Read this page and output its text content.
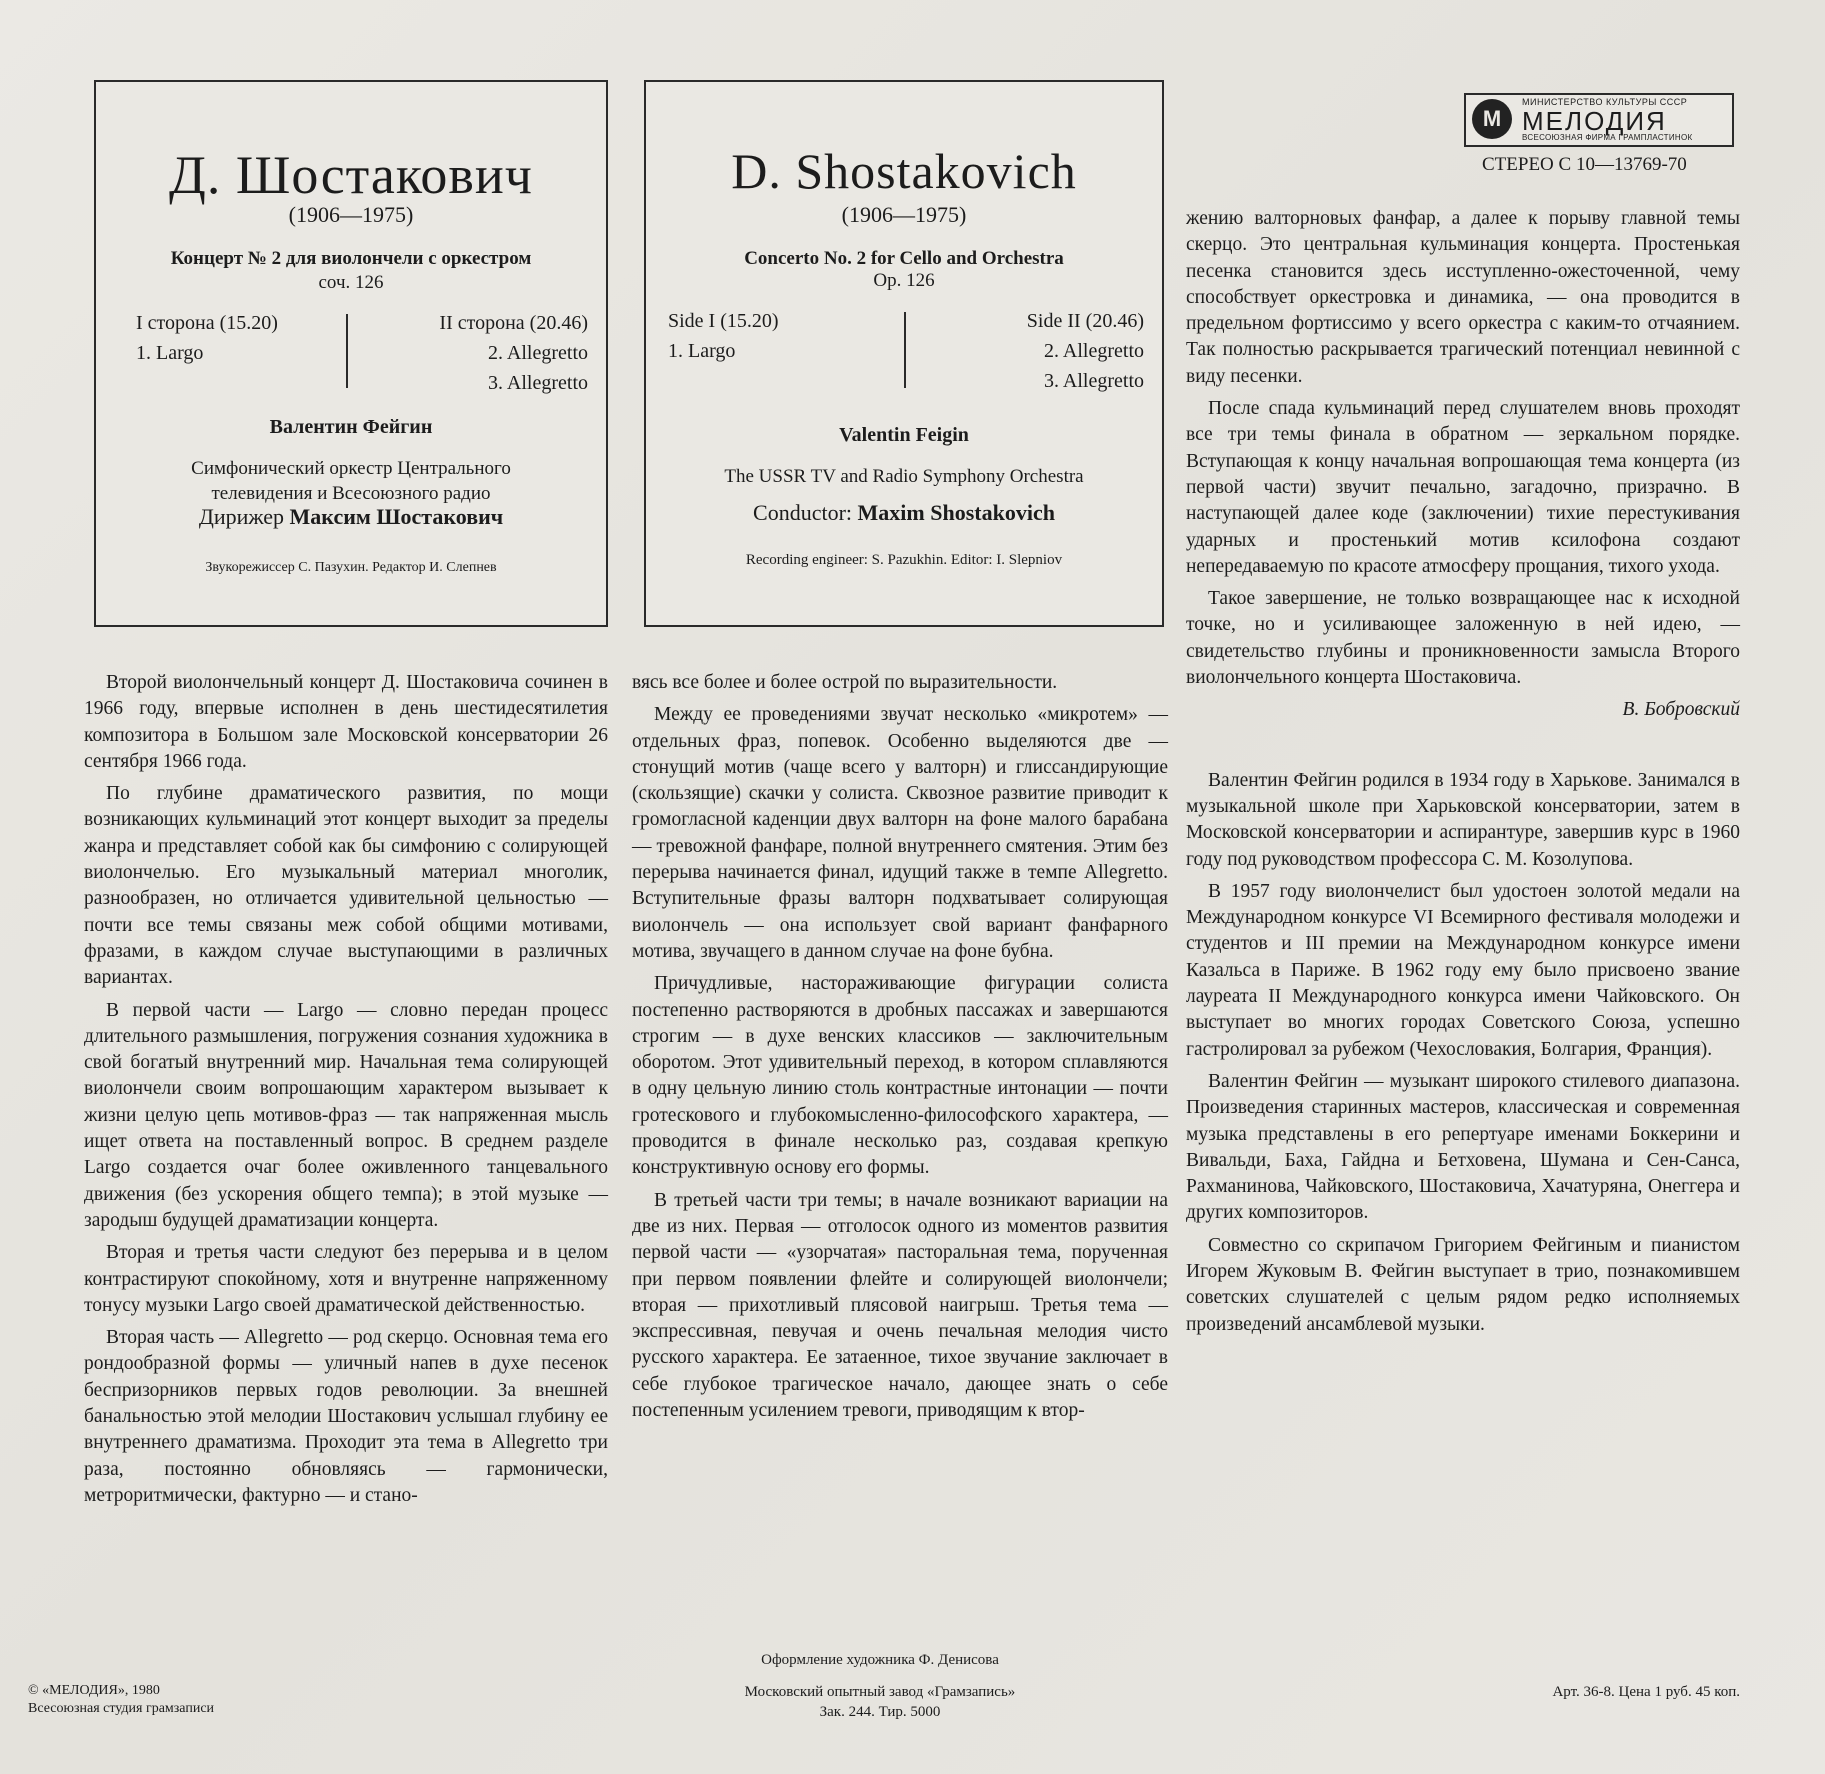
Д. Шостакович
(1906—1975)
Концерт № 2 для виолончели с оркестром
соч. 126
I сторона (15.20)
1. Largo
II сторона (20.46)
2. Allegretto
3. Allegretto
Валентин Фейгин
Симфонический оркестр Центрального
телевидения и Всесоюзного радио
Дирижер Максим Шостакович
Звукорежиссер С. Пазухин. Редактор И. Слепнев
D. Shostakovich
(1906—1975)
Concerto No. 2 for Cello and Orchestra
Op. 126
Side I (15.20)
1. Largo
Side II (20.46)
2. Allegretto
3. Allegretto
Valentin Feigin
The USSR TV and Radio Symphony Orchestra
Conductor: Maxim Shostakovich
Recording engineer: S. Pazukhin. Editor: I. Slepniov
М
МИНИСТЕРСТВО КУЛЬТУРЫ СССР
МЕЛОДИЯ
ВСЕСОЮЗНАЯ ФИРМА ГРАМПЛАСТИНОК
СТЕРЕО С 10—13769-70

Второй виолончельный концерт Д. Шостаковича сочинен в 1966 году, впервые исполнен в день шестидесятилетия композитора в Большом зале Московской консерватории 26 сентября 1966 года.

По глубине драматического развития, по мощи возникающих кульминаций этот концерт выходит за пределы жанра и представляет собой как бы симфонию с солирующей виолончелью. Его музыкальный материал многолик, разнообразен, но отличается удивительной цельностью — почти все темы связаны меж собой общими мотивами, фразами, в каждом случае выступающими в различных вариантах.

В первой части — Largo — словно передан процесс длительного размышления, погружения сознания художника в свой богатый внутренний мир. Начальная тема солирующей виолончели своим вопрошающим характером вызывает к жизни целую цепь мотивов-фраз — так напряженная мысль ищет ответа на поставленный вопрос. В среднем разделе Largo создается очаг более оживленного танцевального движения (без ускорения общего темпа); в этой музыке — зародыш будущей драматизации концерта.

Вторая и третья части следуют без перерыва и в целом контрастируют спокойному, хотя и внутренне напряженному тонусу музыки Largo своей драматической действенностью.

Вторая часть — Allegretto — род скерцо. Основная тема его рондообразной формы — уличный напев в духе песенок беспризорников первых годов революции. За внешней банальностью этой мелодии Шостакович услышал глубину ее внутреннего драматизма. Проходит эта тема в Allegretto три раза, постоянно обновляясь — гармонически, метроритмически, фактурно — и стано-

вясь все более и более острой по выразительности.

Между ее проведениями звучат несколько «микротем» — отдельных фраз, попевок. Особенно выделяются две — стонущий мотив (чаще всего у валторн) и глиссандирующие (скользящие) скачки у солиста. Сквозное развитие приводит к громогласной каденции двух валторн на фоне малого барабана — тревожной фанфаре, полной внутреннего смятения. Этим без перерыва начинается финал, идущий также в темпе Allegretto. Вступительные фразы валторн подхватывает солирующая виолончель — она использует свой вариант фанфарного мотива, звучащего в данном случае на фоне бубна.

Причудливые, настораживающие фигурации солиста постепенно растворяются в дробных пассажах и завершаются строгим — в духе венских классиков — заключительным оборотом. Этот удивительный переход, в котором сплавляются в одну цельную линию столь контрастные интонации — почти гротескового и глубокомысленно-философского характера, — проводится в финале несколько раз, создавая крепкую конструктивную основу его формы.

В третьей части три темы; в начале возникают вариации на две из них. Первая — отголосок одного из моментов развития первой части — «узорчатая» пасторальная тема, порученная при первом появлении флейте и солирующей виолончели; вторая — прихотливый плясовой наигрыш. Третья тема — экспрессивная, певучая и очень печальная мелодия чисто русского характера. Ее затаенное, тихое звучание заключает в себе глубокое трагическое начало, дающее знать о себе постепенным усилением тревоги, приводящим к втор-

жению валторновых фанфар, а далее к порыву главной темы скерцо. Это центральная кульминация концерта. Простенькая песенка становится здесь исступленно-ожесточенной, чему способствует оркестровка и динамика, — она проводится в предельном фортиссимо у всего оркестра с каким-то отчаянием. Так полностью раскрывается трагический потенциал невинной с виду песенки.

После спада кульминаций перед слушателем вновь проходят все три темы финала в обратном — зеркальном порядке. Вступающая к концу начальная вопрошающая тема концерта (из первой части) звучит печально, загадочно, призрачно. В наступающей далее коде (заключении) тихие перестукивания ударных и простенький мотив ксилофона создают непередаваемую по красоте атмосферу прощания, тихого ухода.

Такое завершение, не только возвращающее нас к исходной точке, но и усиливающее заложенную в ней идею, — свидетельство глубины и проникновенности замысла Второго виолончельного концерта Шостаковича.

В. Бобровский

Валентин Фейгин родился в 1934 году в Харькове. Занимался в музыкальной школе при Харьковской консерватории, затем в Московской консерватории и аспирантуре, завершив курс в 1960 году под руководством профессора С. М. Козолупова.

В 1957 году виолончелист был удостоен золотой медали на Международном конкурсе VI Всемирного фестиваля молодежи и студентов и III премии на Международном конкурсе имени Казальса в Париже. В 1962 году ему было присвоено звание лауреата II Международного конкурса имени Чайковского. Он выступает во многих городах Советского Союза, успешно гастролировал за рубежом (Чехословакия, Болгария, Франция).

Валентин Фейгин — музыкант широкого стилевого диапазона. Произведения старинных мастеров, классическая и современная музыка представлены в его репертуаре именами Боккерини и Вивальди, Баха, Гайдна и Бетховена, Шумана и Сен-Санса, Рахманинова, Чайковского, Шостаковича, Хачатуряна, Онеггера и других композиторов.

Совместно со скрипачом Григорием Фейгиным и пианистом Игорем Жуковым В. Фейгин выступает в трио, познакомившем советских слушателей с целым рядом редко исполняемых произведений ансамблевой музыки.

Оформление художника Ф. Денисова
© «МЕЛОДИЯ», 1980
Всесоюзная студия грамзаписи
Московский опытный завод «Грамзапись»
Зак. 244. Тир. 5000
Арт. 36-8. Цена 1 руб. 45 коп.
